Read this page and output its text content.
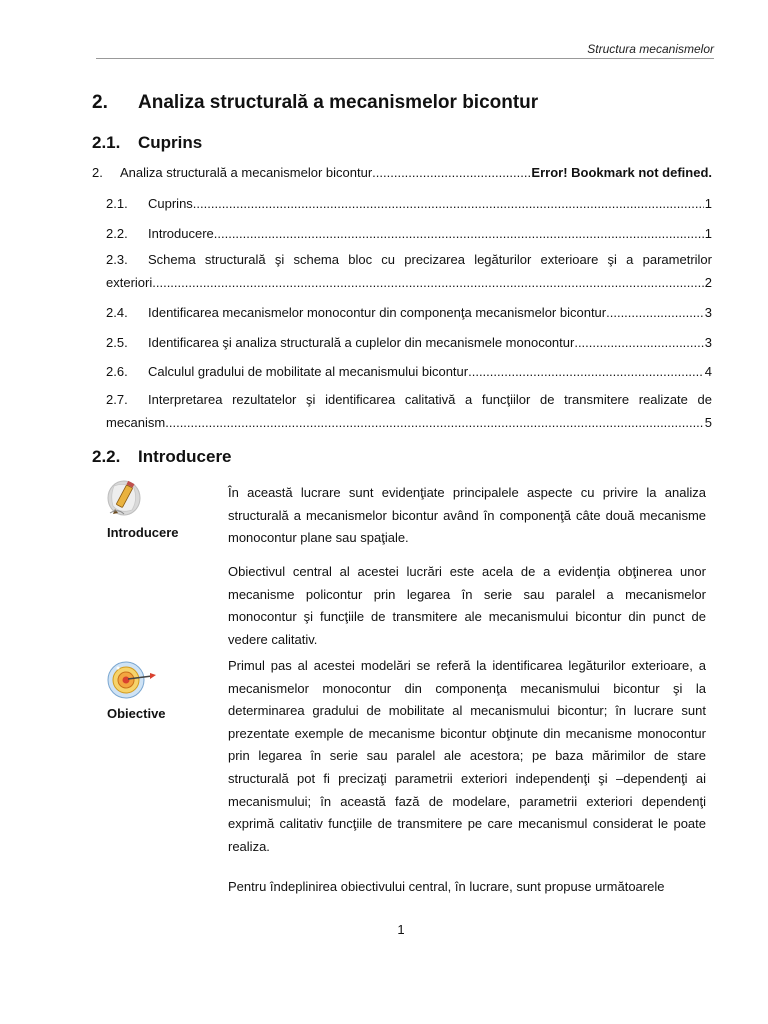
Structura mecanismelor
2. Analiza structurală a mecanismelor bicontur
2.1. Cuprins
2.	Analiza structurală a mecanismelor bicontur .....	Error! Bookmark not defined.
2.1.	Cuprins .....	1
2.2.	Introducere .....	1
2.3.	Schema structurală şi schema bloc cu precizarea legăturilor exterioare şi a parametrilor
exteriori .....	2
2.4.	Identificarea mecanismelor monocontur din componenţa mecanismelor bicontur .....	3
2.5.	Identificarea şi analiza structurală a cuplelor din mecanismele monocontur .....	3
2.6.	Calculul gradului de mobilitate al mecanismului bicontur .....	4
2.7.	Interpretarea rezultatelor şi identificarea calitativă a funcţiilor de transmitere realizate de
mecanism .....	5
2.2. Introducere
Introducere
Obiective
În această lucrare sunt evidenţiate principalele aspecte cu privire la analiza structurală a mecanismelor bicontur având în componenţă câte două mecanisme monocontur plane sau spaţiale.
Obiectivul central al acestei lucrări este acela de a evidenţia obţinerea unor mecanisme policontur prin legarea în serie sau paralel a mecanismelor monocontur şi funcţiile de transmitere ale mecanismului bicontur din punct de vedere calitativ.
Primul pas al acestei modelări se referă la identificarea legăturilor exterioare, a mecanismelor monocontur din componenţa mecanismului bicontur şi la determinarea gradului de mobilitate al mecanismului bicontur; în lucrare sunt prezentate exemple de mecanisme bicontur obţinute din mecanisme monocontur prin legarea în serie sau paralel ale acestora; pe baza mărimilor de stare structurală pot fi precizaţi parametrii exteriori independenţi şi –dependenţi ai mecanismului; în această fază de modelare, parametrii exteriori dependenţi exprimă calitativ funcţiile de transmitere pe care mecanismul considerat le poate realiza.
Pentru îndeplinirea obiectivului central, în lucrare, sunt propuse următoarele
1
